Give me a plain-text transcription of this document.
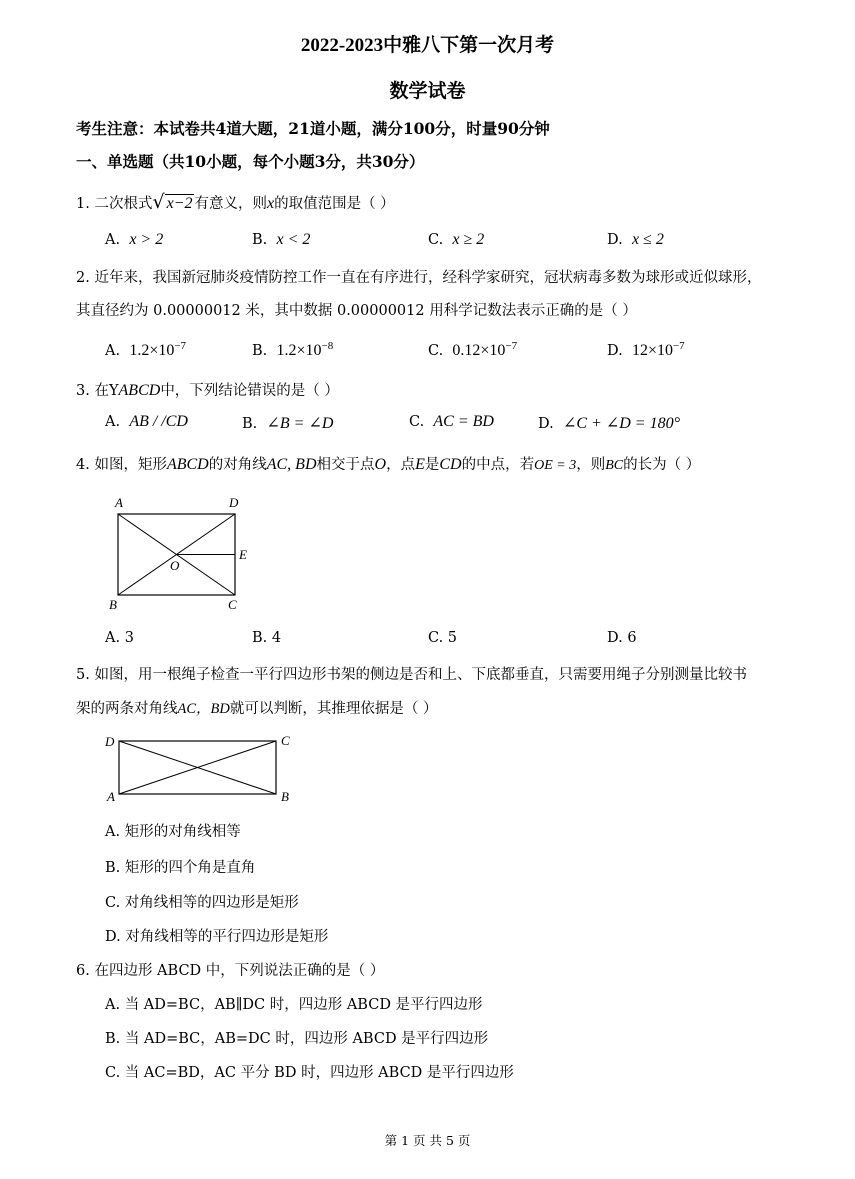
2022-2023中雅八下第一次月考
数学试卷
考生注意：本试卷共4道大题，21道小题，满分100分，时量90分钟
一、单选题（共10小题，每个小题3分，共30分）
1. 二次根式√ x−2 有意义，则x的取值范围是（ ）
A. x > 2	B. x < 2	C. x ≥ 2	D. x ≤ 2
2. 近年来，我国新冠肺炎疫情防控工作一直在有序进行，经科学家研究，冠状病毒多数为球形或近似球形，
其直径约为 0.00000012 米，其中数据 0.00000012 用科学记数法表示正确的是（ ）
A. $1.2\times 10^{-7}$	B. $1.2\times 10^{-8}$	C. $0.12\times 10^{-7}$	D. $12\times 10^{-7}$
3. 在YABCD中，下列结论错误的是（ ）
A. AB / /CD	B. ∠B = ∠D	C. AC = BD	D. ∠C + ∠D = 180°
4. 如图，矩形ABCD的对角线AC, BD相交于点O，点E是CD的中点，若OE = 3，则BC的长为（ ）
A	D
E
O
B	C
A. 3	B. 4	C. 5	D. 6
5. 如图，用一根绳子检查一平行四边形书架的侧边是否和上、下底都垂直，只需要用绳子分别测量比较书
架的两条对角线AC，BD就可以判断，其推理依据是（ ）
D	C
A	B
A. 矩形的对角线相等
B. 矩形的四个角是直角
C. 对角线相等的四边形是矩形
D. 对角线相等的平行四边形是矩形
6. 在四边形 ABCD 中，下列说法正确的是（ ）
A. 当 AD=BC，AB∥DC 时，四边形 ABCD 是平行四边形
B. 当 AD=BC，AB=DC 时，四边形 ABCD 是平行四边形
C. 当 AC=BD，AC 平分 BD 时，四边形 ABCD 是平行四边形
第 1 页 共 5 页
